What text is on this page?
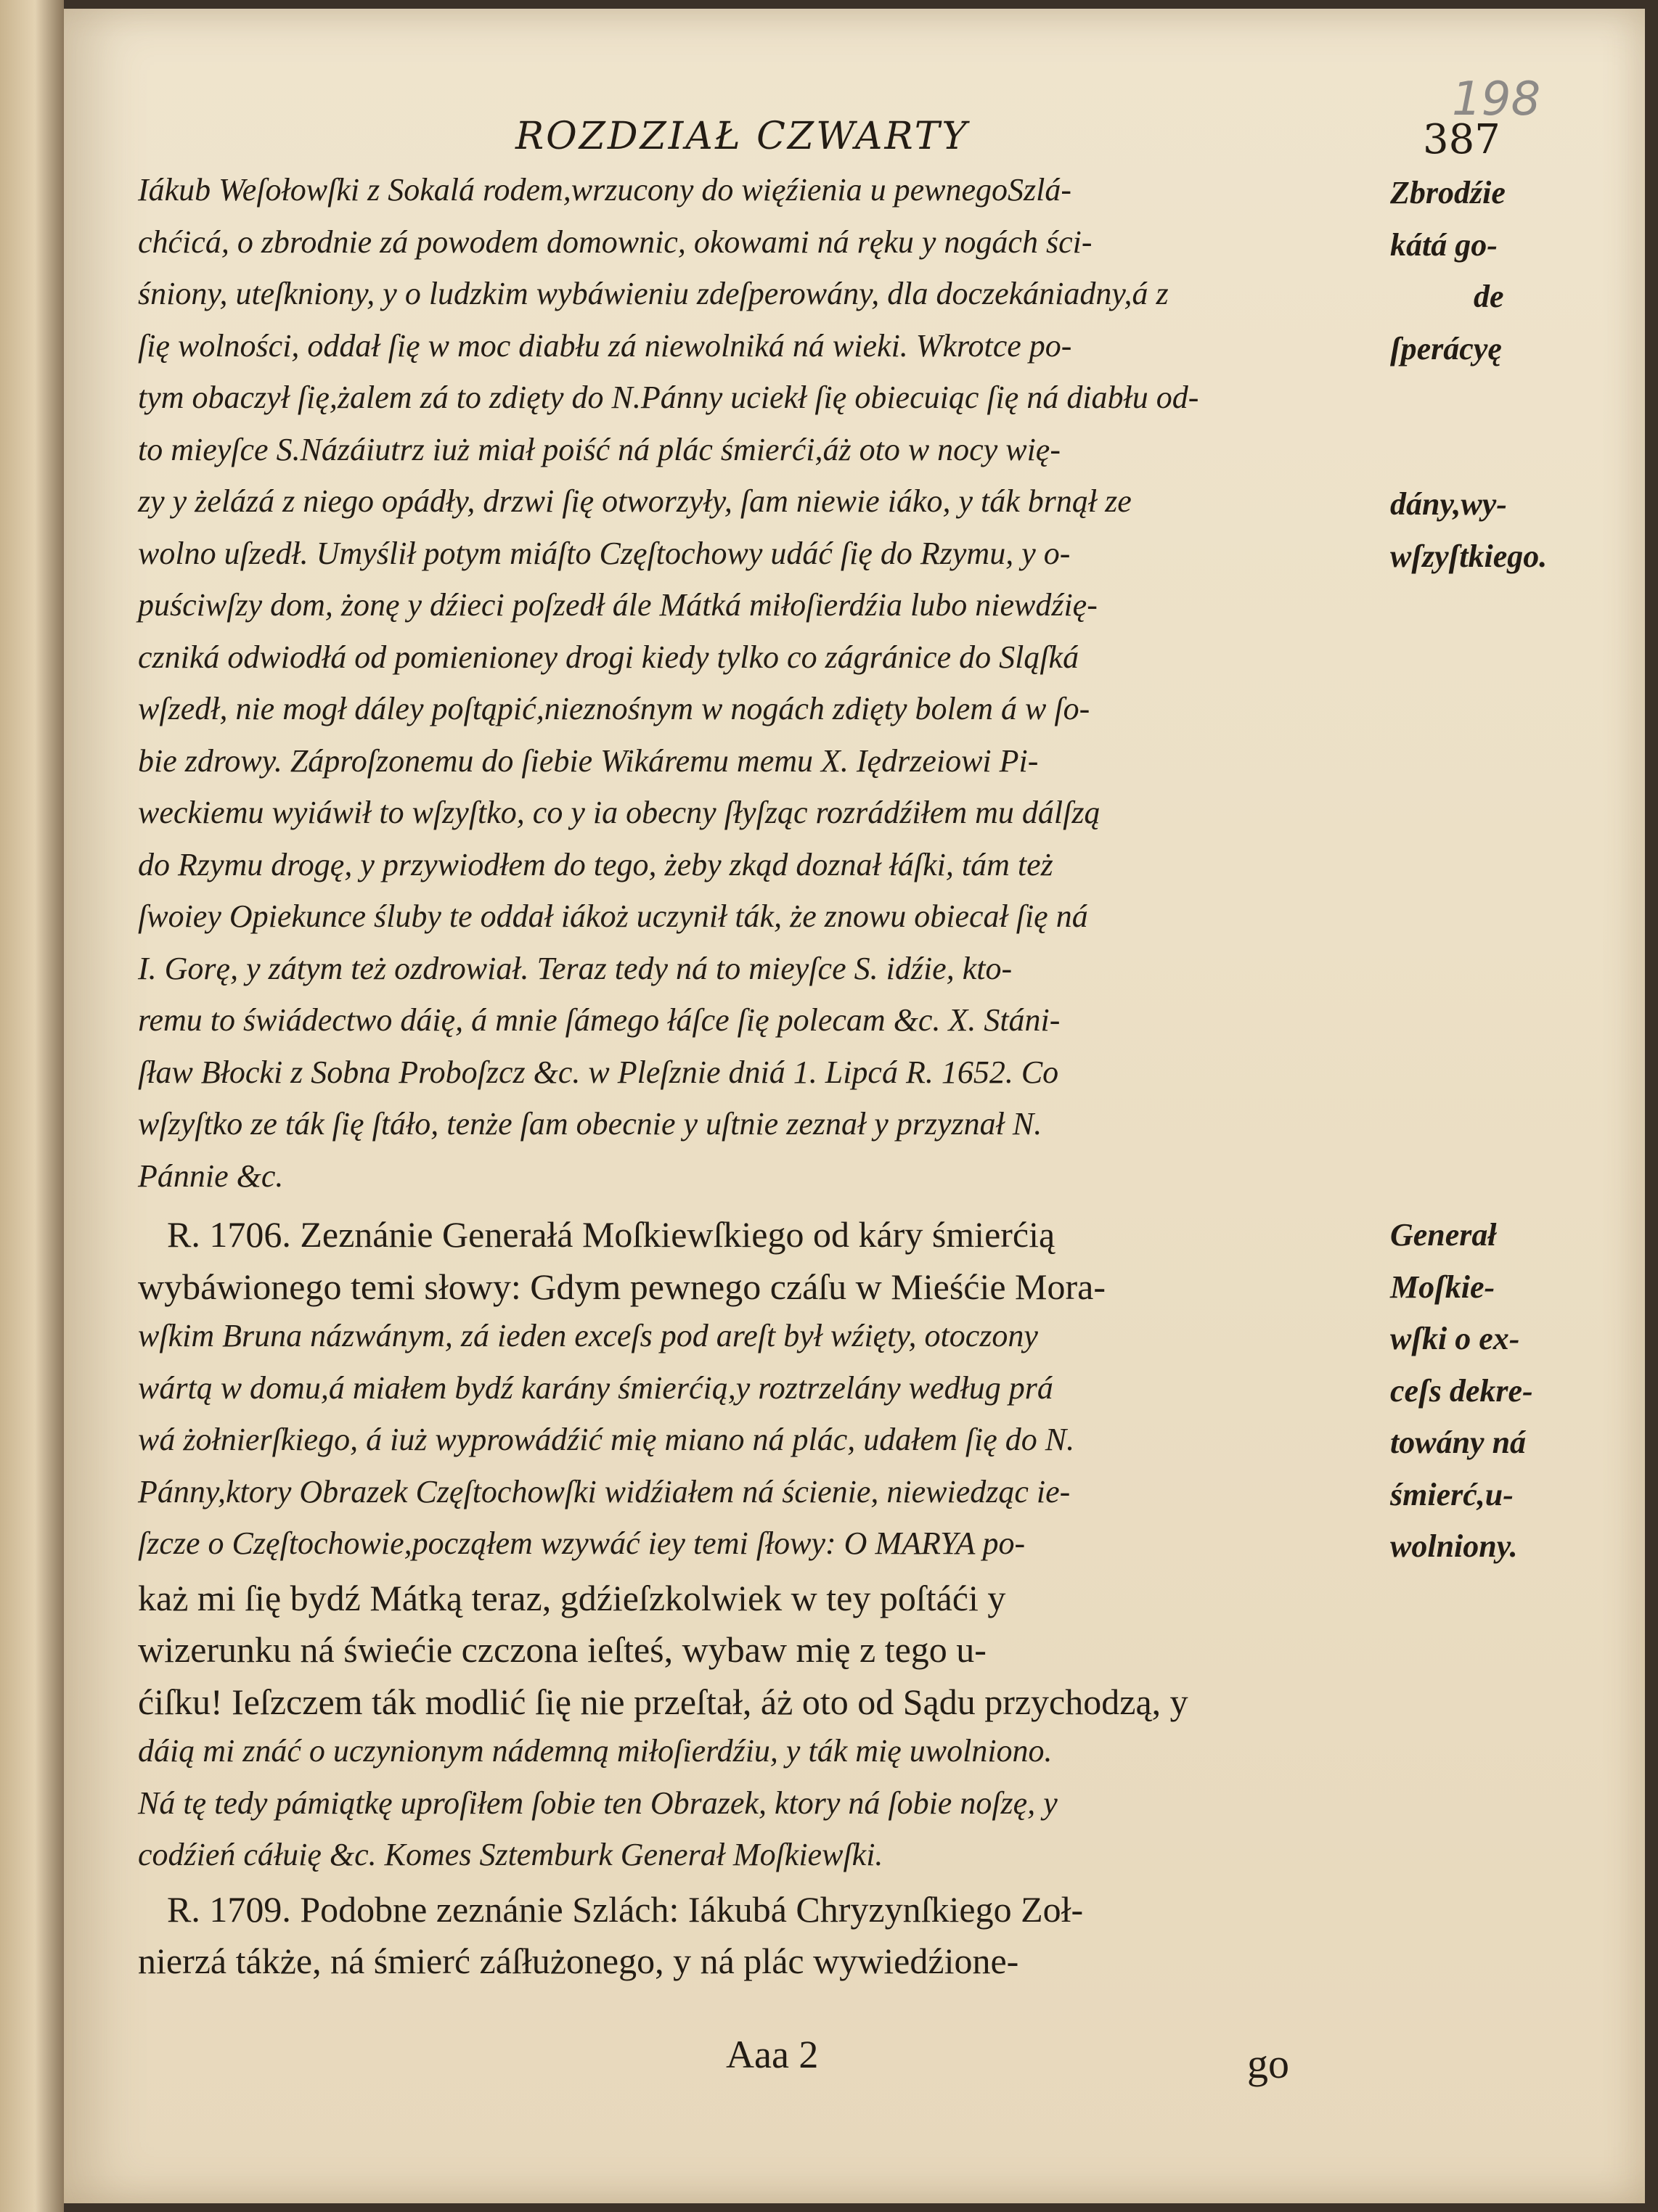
198
ROZDZIAŁ CZWARTY	387
Iákub Weſołowſki z Sokalá rodem,wrzucony do więźienia u pewnegoSzlá-
chćicá, o zbrodnie zá powodem domownic, okowami ná ręku y nogách ści-
śniony, uteſkniony, y o ludzkim wybáwieniu zdeſperowány, dla doczekániadny,á z
ſię wolności, oddał ſię w moc diabłu zá niewolniká ná wieki. Wkrotce po-
tym obaczył ſię,żalem zá to zdięty do N.Pánny uciekł ſię obiecuiąc ſię ná diabłu od-
to mieyſce S.Názáiutrz iuż miał poiść ná plác śmierći,áż oto w nocy wię-
zy y żelázá z niego opádły, drzwi ſię otworzyły, ſam niewie iáko, y ták brnął ze
wolno uſzedł. Umyślił potym miáſto Częſtochowy udáć ſię do Rzymu, y o-
puściwſzy dom, żonę y dźieci poſzedł ále Mátká miłoſierdźia lubo niewdźię-
czniká odwiodłá od pomienioney drogi kiedy tylko co zágránice do Sląſká
wſzedł, nie mogł dáley poſtąpić,nieznośnym w nogách zdięty bolem á w ſo-
bie zdrowy. Záproſzonemu do ſiebie Wikáremu memu X. Iędrzeiowi Pi-
weckiemu wyiáwił to wſzyſtko, co y ia obecny ſłyſząc rozrádźiłem mu dálſzą
do Rzymu drogę, y przywiodłem do tego, żeby zkąd doznał łáſki, tám też
ſwoiey Opiekunce śluby te oddał iákoż uczynił ták, że znowu obiecał ſię ná
I. Gorę, y zátym też ozdrowiał. Teraz tedy ná to mieyſce S. idźie, kto-
remu to świádectwo dáię, á mnie ſámego łáſce ſię polecam &c. X. Stáni-
ſław Błocki z Sobna Proboſzcz &c. w Pleſznie dniá 1. Lipcá R. 1652. Co
wſzyſtko ze ták ſię ſtáło, tenże ſam obecnie y uſtnie zeznał y przyznał N.
Pánnie &c.
R. 1706. Zeznánie Generałá Moſkiewſkiego od káry śmierćią
wybáwionego temi słowy: Gdym pewnego czáſu w Mieśćie Mora-
wſkim Bruna názwánym, zá ieden exceſs pod areſt był wźięty, otoczony
wártą w domu,á miałem bydź karány śmierćią,y roztrzelány według prá
wá żołnierſkiego, á iuż wyprowádźić mię miano ná plác, udałem ſię do N.
Pánny,ktory Obrazek Częſtochowſki widźiałem ná ścienie, niewiedząc ie-
ſzcze o Częſtochowie,począłem wzywáć iey temi ſłowy: O MARYA po-
każ mi ſię bydź Mátką teraz, gdźieſzkolwiek w tey poſtáći y
wizerunku ná świećie czczona ieſteś, wybaw mię z tego u-
ćiſku! Ieſzczem ták modlić ſię nie przeſtał, áż oto od Sądu przychodzą, y
dáią mi znáć o uczynionym nádemną miłoſierdźiu, y ták mię uwolniono.
Ná tę tedy pámiątkę uproſiłem ſobie ten Obrazek, ktory ná ſobie noſzę, y
codźień cáłuię &c. Komes Sztemburk Generał Moſkiewſki.
R. 1709. Podobne zeznánie Szlách: Iákubá Chryzynſkiego Zoł-
nierzá tákże, ná śmierć záſłużonego, y ná plác wywiedźione-
Zbrodźie
kátá go-
de
ſperácyę
dány,wy-
wſzyſtkiego.
Generał
Moſkie-
wſki o ex-
ceſs dekre-
towány ná
śmierć,u-
wolniony.
Aaa 2	go
